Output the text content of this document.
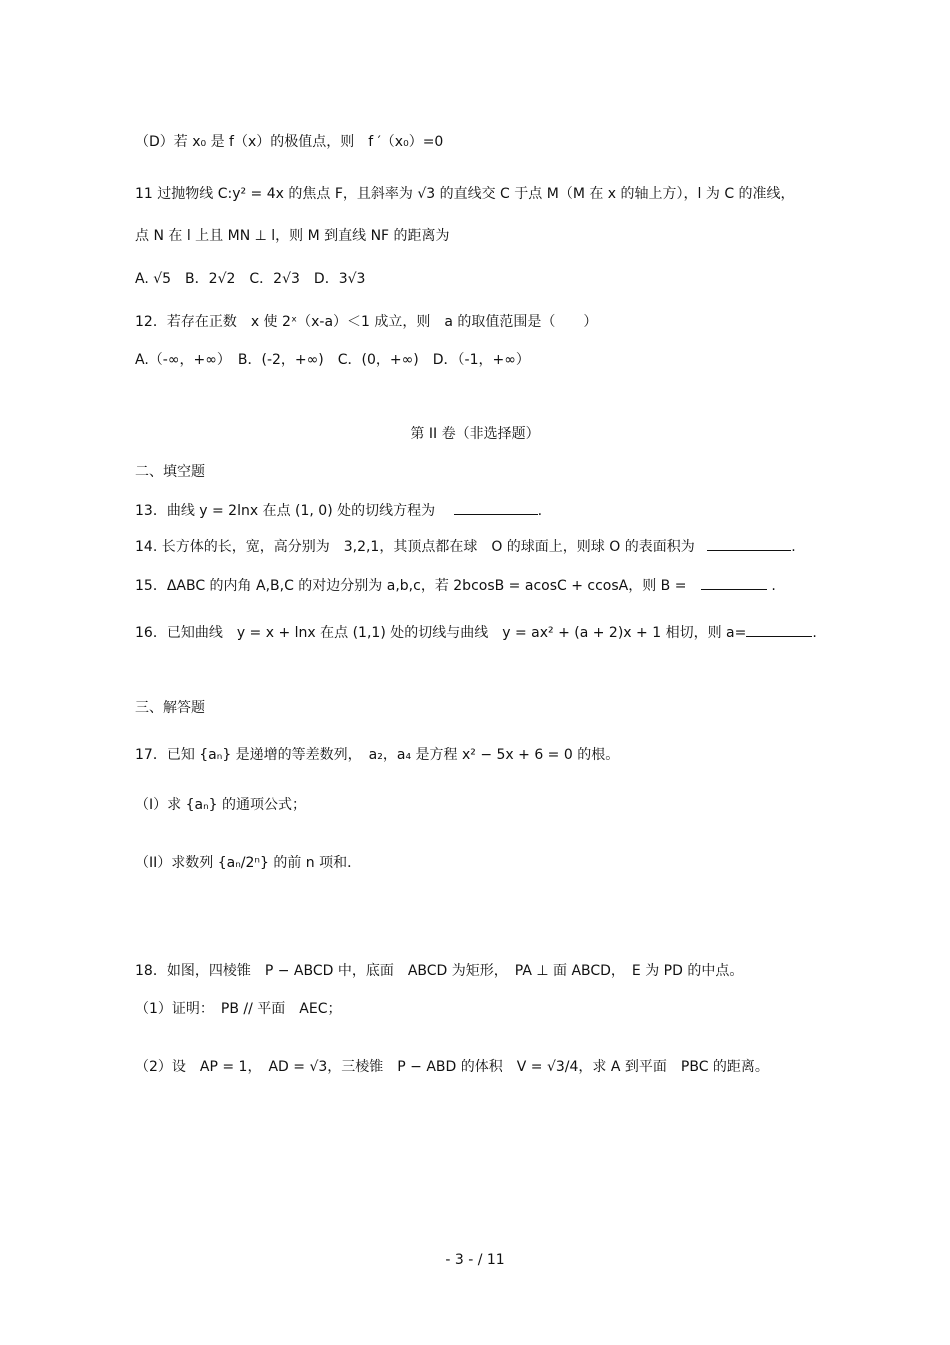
（D）若 x₀ 是 f（x）的极值点，则　f ′（x₀）=0
11 过抛物线 C:y² = 4x 的焦点 F，且斜率为 √3 的直线交 C 于点 M（M 在 x 的轴上方），l 为 C 的准线，
点 N 在 l 上且 MN ⊥ l，则 M 到直线 NF 的距离为
A. √5　B．2√2　C．2√3　D．3√3
12．若存在正数　x 使 2ˣ（x-a）＜1 成立，则　a 的取值范围是（　　）
A.（-∞，+∞）　B．(-2，+∞)　C．(0，+∞)　D．（-1，+∞）
第 II 卷（非选择题）
二、填空题
13．曲线 y = 2lnx 在点 (1, 0) 处的切线方程为	.
14. 长方体的长，宽，高分别为　3,2,1，其顶点都在球　O 的球面上，则球 O 的表面积为	.
15．ΔABC 的内角 A,B,C 的对边分别为 a,b,c，若 2bcosB = acosC + ccosA，则 B =	.
16．已知曲线　y = x + lnx 在点 (1,1) 处的切线与曲线　y = ax² + (a + 2)x + 1 相切，则 a=	.
三、解答题
17．已知 {aₙ} 是递增的等差数列，　a₂，a₄ 是方程 x² − 5x + 6 = 0 的根。
（I）求 {aₙ} 的通项公式；
（II）求数列 {aₙ/2ⁿ} 的前 n 项和．
18．如图，四棱锥　P − ABCD 中，底面　ABCD 为矩形，　PA ⊥ 面 ABCD，　E 为 PD 的中点。
（1）证明：　PB // 平面　AEC；
（2）设　AP = 1，　AD = √3，三棱锥　P − ABD 的体积　V = √3/4，求 A 到平面　PBC 的距离。
- 3 - / 11
